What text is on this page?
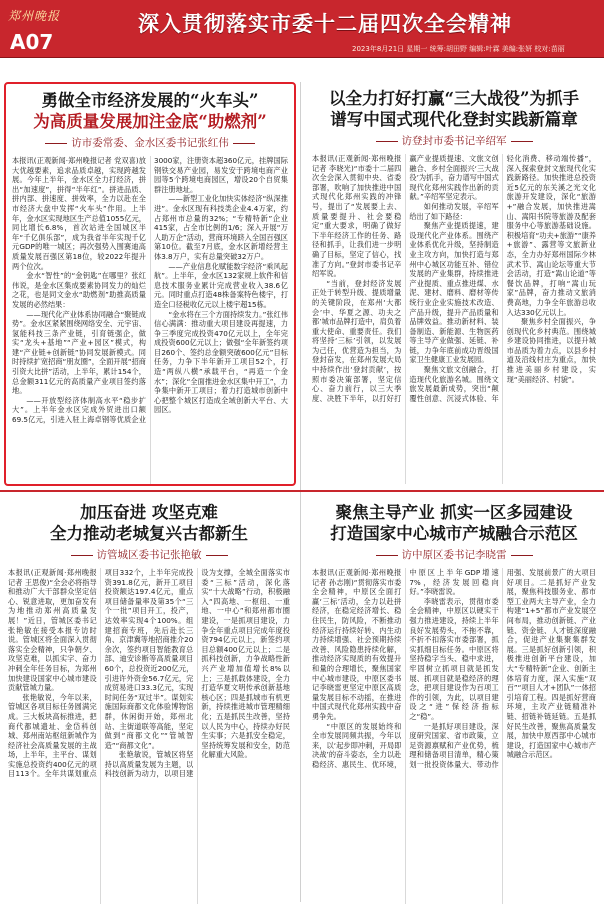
郑州晚报
A07
深入贯彻落实市委十二届四次全会精神
2023年8月21日 星期一 统筹:胡田野 编辑:叶霖 美编:张妍 校对:苗丽
勇做全市经济发展的“火车头”
为高质量发展加注金底“助燃剂”
访市委常委、金水区委书记张红伟

本报讯(正观新闻·郑州晚报记者 党双喜)放大优越要素，追求品质卓越，实现跨越发展。今年上半年，金水区全力打经济，拼出“加速度”，拼得“半年红”。拼进品质、拼内部、拼速度、拼效率，全力以赴在全市经济大盘中发挥“火车头”作用。上半年，金水区实现地区生产总值1055亿元，同比增长6.8%，首次站进全国城区半年“千亿俱乐部”，成为我省半年实现千亿元GDP的唯一城区；再次强势入围赛迪高质量发展百强区第18位，较2022年提升两个位次。

金水“智性”的“金钥匙”在哪里？张红伟说，是金水区集成要素协同发力的灿烂之花，也是同文金水“助燃剂”助推高质量发展的必然结果：

——现代化产业体系协同融合“聚链成势”。金水区紧紧围绕网络安全、元宇宙、氢能科技三条产业链，引育链强企，做实“龙头+基地”“产业+园区”模式，构建“产业链+创新链”协同发展新模式。同时持续扩宽招商“朋友圈”，全面开展“招商引资大比拼”活动，上半年，累计154个，总金额311亿元的高质量产业项目签约落地。

——开放型经济体制高水平“稳步扩大”。上半年金水区完成外贸进出口额69.5亿元，引进入驻上海卓钢等优质企业3000家，注册资本超360亿元，挂牌国际钢铁交易产业园，易发安于跨境电商产业园等5个跨境电商园区，增设20个自贸集群注册地址。

——新型工业化加快实体经济“纵深推进”。金水区现有科技类企业4.4万家，约占郑州市总量的32%；“专精特新”企业415家，占全市比例的1/6；深入开展“万人助万企”活动，营商环境跻入全国百强区第10位。截至7月底，金水区新增经营主体3.8万户，实有总量突破32万户。

——产业信息化赋能数字经济“乘风起航”。上半年，金水区132家规上软件和信息技术服务业累计完成营业收入38.6亿元。同时重点打造48株备案特色楼宇，打造全口径税收亿元以上楼宇超15栋。

“金水将在三个方面持续发力。”张红伟信心满满：推动重大项目建设再提速，力争三季度完成投资470亿元以上，全年完成投资600亿元以上；做强“全年新签约项目260个、签约总金额突破600亿元”目标任务，力争下半年新开工项目52个，打造“两纵八横”承载平台，“再造一个金水”；深化“全面推进金水区集中开工”，力争集中新开工项目；着力打造城市创新中心把整个城区打造成全域创新大平台、大园区。

以全力打好打赢“三大战役”为抓手
谱写中国式现代化登封实践新篇章
访登封市委书记辛绍军

本报讯(正观新闻·郑州晚报记者 李晓光)“市委十二届四次全会深入贯彻中央、省委部署，吹响了加快推进中国式现代化郑州实践的冲锋号，提出了“发展要上去、质量要提升、社会要稳定”重大要求，明确了做好下半年经济工作的任务、路径和抓手，让我们进一步明确了目标，坚定了信心，找准了方向。”登封市委书记辛绍军说。

“当前，登封经济发展正处于转型升级、提质增量的关键阶段，在郑州‘大都会’中、华夏之源、功夫之都’城市品牌打造中，肩负着重大使命、重要责任。我们将坚持‘三标’引领，以发展为己任，优营造为担当，为登封奋发，在郑州发展大局中持续作出‘登封贡献’，按照市委决策部署，坚定信心、奋力前行，以三大季度、决胜下半年，以打好打赢产业提质提速、文旅文创融合、乡村全面振兴‘三大战役’为抓手，奋力谱写中国式现代化郑州实践作出新的贡献。”辛绍军坚定表示。

如何推动发展，辛绍军给出了如下路径：

聚焦产业提质提速，建设现代化产业体系。围绕产业体系优化升级，坚持制造业主攻方向，加快打造与郑州中心城区功能互补、错位发展的产业集群，持续推进产业提质、重点推进煤、水泥、建材、磨料、磨材等传统行业企业实施技术改造、产品升级，提升产品质量和品牌效益。推动新材料、装备制造、新能源、生物医药等主导产业做强、延链、补链，力争年底前成功晋级国家卫生健康工业发展园。

聚焦文旅文创融合，打造现代化旅游名城。围绕文旅发展最新成势，突出“颠覆性创意、沉浸式体验、年轻化消费、移动端传播”，深入探索登封文旅现代化实践新路径。加快推进总投资近5亿元的东关溪之光文化旅游开发建设，深化“旅游+”融合发展，加快推进嵩山、嵩阳书院等旅游及配套服务中心等旅游基础设施。积极培育“功夫+旅游”“康养+旅游”、露营等文旅新业态，全力办好郑州国际少林武术节、嵩山论坛等重大节会活动，打造“嵩山论道”等餐饮品牌，打响“嵩山玩家”品牌，奋力推动文旅消费高地，力争全年旅游总收入达330亿元以上。

聚焦乡村全面振兴，争创现代化乡村典范。围绕城乡建设协同推进，以提升城市品质为着力点，以县乡村道及沿线村庄为重点，加快推进美丽乡村建设，实现“美丽经济、村貌”。

加压奋进 攻坚克难
全力推动老城复兴古都新生
访管城区委书记张艳敏

本报讯(正观新闻·郑州晚报记者 王思俊)“全会必将指导和推动广大干部群众坚定信心、锐意进取，更加奋发有为地推动郑州高质量发展！”近日，管城区委书记张艳敏在接受本报专访时说。管城区将全面深入贯彻落实全会精神，只争朝夕、攻坚克难，以抓实字、奋力冲刺全年任务目标，为郑州加快建设国家中心城市建设贡献管城力量。

张艳敏说，今年以来，管城区各项目标任务圆满完成。三大板块高标推进，把商代都城遗址、金岱科创城、郑州南站枢纽新城作为经济社会高质量发展的主战场，上半年，主平台、谋划实施总投资约400亿元的项目113个。全年共谋划重点项目332个，上半年完成投资391.8亿元，新开工项目投资额达197.4亿元，重点项目储备量率及第35个“三个一批”项目开工，投产，达效率实现4个100%。组建招商专班，先后赴长三角、京津冀等地招商推介20余次，签约项目智能教育总部、迪安诊断等高质量项目60个，总投资近200亿元，引进许外资金56.7亿元，完成贸易进口33.3亿元，实现时间任务“双过半”。谋划实施国际商都文化体验博物馆群，休闲街开始，郑州北站、主街道联等高能，坚定做到“商都文化”“管城智造”“商都文化”。

张艳敏说，管城区将坚持以高质量发展为主题，以科技创新为动力，以项目建设为支撑，全城全面落实市委“三标”活动，深化落实“十大战略”行动，积极融入“四高地、一枢纽、一重地、一中心”和郑州都市圈建设，一是抓项目建设，力争全年重点项目完成年度投资794亿元以上，新签约项目总额400亿元以上；二是抓科技创新，力争战略性新兴产业增加值增长8%以上；三是抓载体建设，全力打造华夏文明传承创新基地核心区；四是抓城市有机更新，持续推进城市管理精细化；五是抓民生改善，坚持以人民为中心，持续办好民生实事；六是抓安全稳定，坚持统筹发展和安全，防范化解重大风险。

聚焦主导产业 抓实一区多园建设
打造国家中心城市产城融合示范区
访中原区委书记李晓雷

本报讯(正观新闻·郑州晚报记者 孙志刚)“贯彻落实市委全会精神，中原区全面打赢‘三标’活动，全力以赴拼经济，在稳定经济增长、稳住民生，防风险，不断推动经济运行持续好转、内生动力持续增强、社会预期持续改善、风险隐患持续化解，推动经济实现质的有效提升和量的合理增长，聚焦国家中心城市建设，中原区委书记李晓雷更坚定中原区高质量发展目标不动摇，在推进中国式现代化郑州实践中奋勇争先。

“中原区的发展始终和全市发展同频共振，今年以来，以‘起步即冲刺，开局即决战’的奋斗姿态，全力以赴稳经济、惠民生、优环境，中原区上半年GDP增速7%，经济发展回稳向好。”李晓雷说。

李晓雷表示，贯彻市委全会精神，中原区以硬实干强力推进建设，持续上半年良好发展势头，不拖不靠，不折不扣落实市委部署，抓实抓细目标任务。中原区将坚持稳字当头、稳中求进，牢固树立抓项目就是抓发展、抓项目就是稳经济的理念，把项目建设作为百项工作的引领，为此，以项目建设之“进”保经济指标之“稳”。

一是抓好项目建设，深度研究国家、省市政策，立足资源禀赋和产业优势，梳理和储备项目清单，精心策划一批投资体量大、带动作用强、发展前景广的大项目好项目。二是抓好产业发展，聚焦科技服务业、都市型工业两大主导产业，全力构建“1+5”都市产业发展空间布局，推动创新链、产业链、资金链、人才链深度融合，促进产业集聚集群发展。三是抓好创新引领，积极推进创新平台建设，加大“专精特新”企业、创新主体培育力度，深入实施“双百”“项目人才+团队”一体招引培育工程。四是抓好营商环境，主攻产业链精准补链、招链补链延链。五是抓好民生改善，聚焦高质量发展，加快中原西部中心城市建设，打造国家中心城市产城融合示范区。
